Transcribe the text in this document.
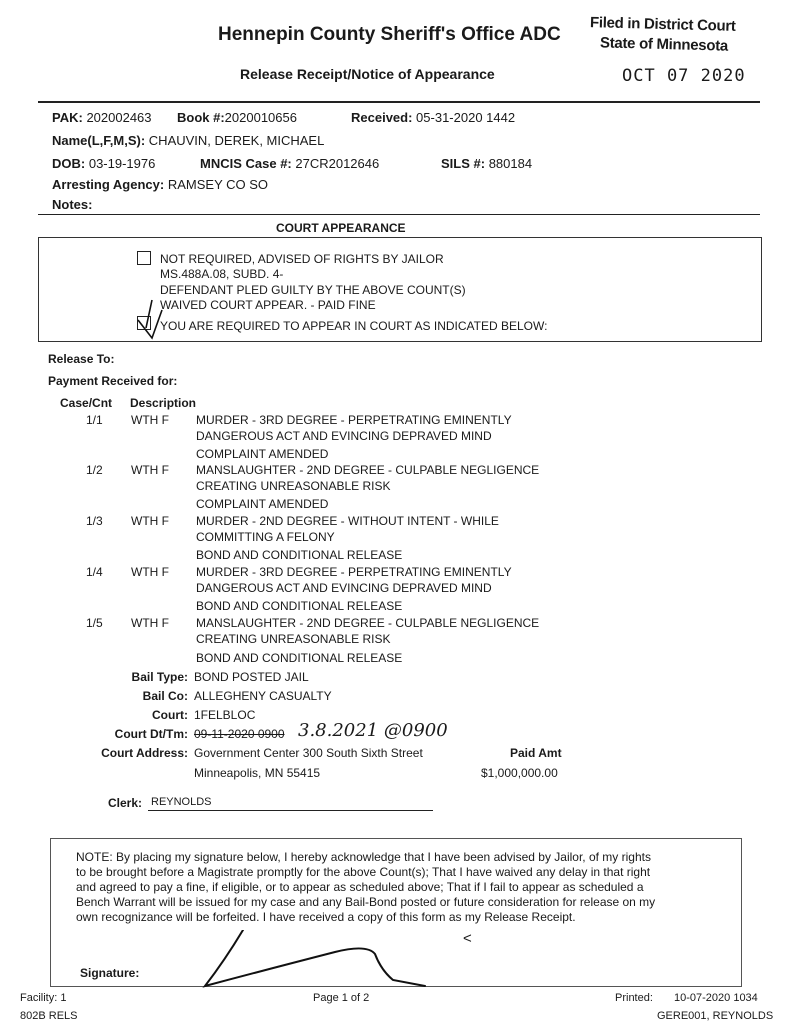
Hennepin County Sheriff's Office ADC
Release Receipt/Notice of Appearance
Filed in District Court
State of Minnesota
OCT 07 2020
PAK: 202002463 Book #:2020010656	Received: 05-31-2020 1442
Name(L,F,M,S): CHAUVIN, DEREK, MICHAEL
DOB: 03-19-1976	MNCIS Case #: 27CR2012646	SILS #: 880184
Arresting Agency: RAMSEY CO SO
Notes:
COURT APPEARANCE
NOT REQUIRED, ADVISED OF RIGHTS BY JAILOR
MS.488A.08, SUBD. 4-
DEFENDANT PLED GUILTY BY THE ABOVE COUNT(S)
WAIVED COURT APPEAR. - PAID FINE
YOU ARE REQUIRED TO APPEAR IN COURT AS INDICATED BELOW:
Release To:
Payment Received for:
Case/Cnt Description
1/1 WTH F MURDER - 3RD DEGREE - PERPETRATING EMINENTLY
DANGEROUS ACT AND EVINCING DEPRAVED MIND
COMPLAINT AMENDED
1/2 WTH F MANSLAUGHTER - 2ND DEGREE - CULPABLE NEGLIGENCE
CREATING UNREASONABLE RISK
COMPLAINT AMENDED
1/3 WTH F MURDER - 2ND DEGREE - WITHOUT INTENT - WHILE
COMMITTING A FELONY
BOND AND CONDITIONAL RELEASE
1/4 WTH F MURDER - 3RD DEGREE - PERPETRATING EMINENTLY
DANGEROUS ACT AND EVINCING DEPRAVED MIND
BOND AND CONDITIONAL RELEASE
1/5 WTH F MANSLAUGHTER - 2ND DEGREE - CULPABLE NEGLIGENCE
CREATING UNREASONABLE RISK
BOND AND CONDITIONAL RELEASE
Bail Type: BOND POSTED JAIL
Bail Co: ALLEGHENY CASUALTY
Court: 1FELBLOC
Court Dt/Tm: 09-11-2020 0900 3.8.2021 @0900
Court Address: Government Center 300 South Sixth Street
Minneapolis, MN 55415
Paid Amt
$1,000,000.00
Clerk: REYNOLDS
NOTE: By placing my signature below, I hereby acknowledge that I have been advised by Jailor, of my rights
to be brought before a Magistrate promptly for the above Count(s); That I have waived any delay in that right
and agreed to pay a fine, if eligible, or to appear as scheduled above; That if I fail to appear as scheduled a
Bench Warrant will be issued for my case and any Bail-Bond posted or future consideration for release on my
own recognizance will be forfeited. I have received a copy of this form as my Release Receipt.
<
Signature:
Facility: 1
802B RELS
Page 1 of 2	Printed: 10-07-2020 1034
GERE001, REYNOLDS
